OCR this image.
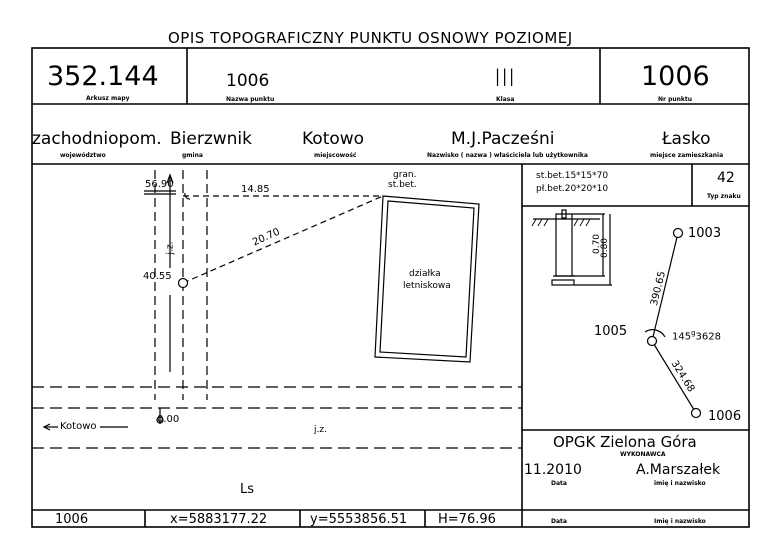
OPIS TOPOGRAFICZNY PUNKTU OSNOWY POZIOMEJ
352.144
Arkusz mapy
1006
Nazwa punktu
III
Klasa
1006
Nr punktu
zachodniopom.
województwo
Bierzwnik
gmina
Kotowo
miejscowość
M.J.Pacześni
Nazwisko ( nazwa ) właściciela lub użytkownika
Łasko
miejsce zamieszkania
56.90	14.85
gran.
st.bet.
20.70
40.55
j.z.
działka
letniskowa
0.00
Kotowo	j.z.
Ls
st.bet.15*15*70
pł.bet.20*20*10
42
Typ znaku
0.70
0.80
1003
1005
1006
390.65
324.68
145$^g$3628
OPGK Zielona Góra
WYKONAWCA
11.2010
Data
A.Marszałek
imię i nazwisko
Data	Imię i nazwisko
1006	x=5883177.22	y=5553856.51 H=76.96
